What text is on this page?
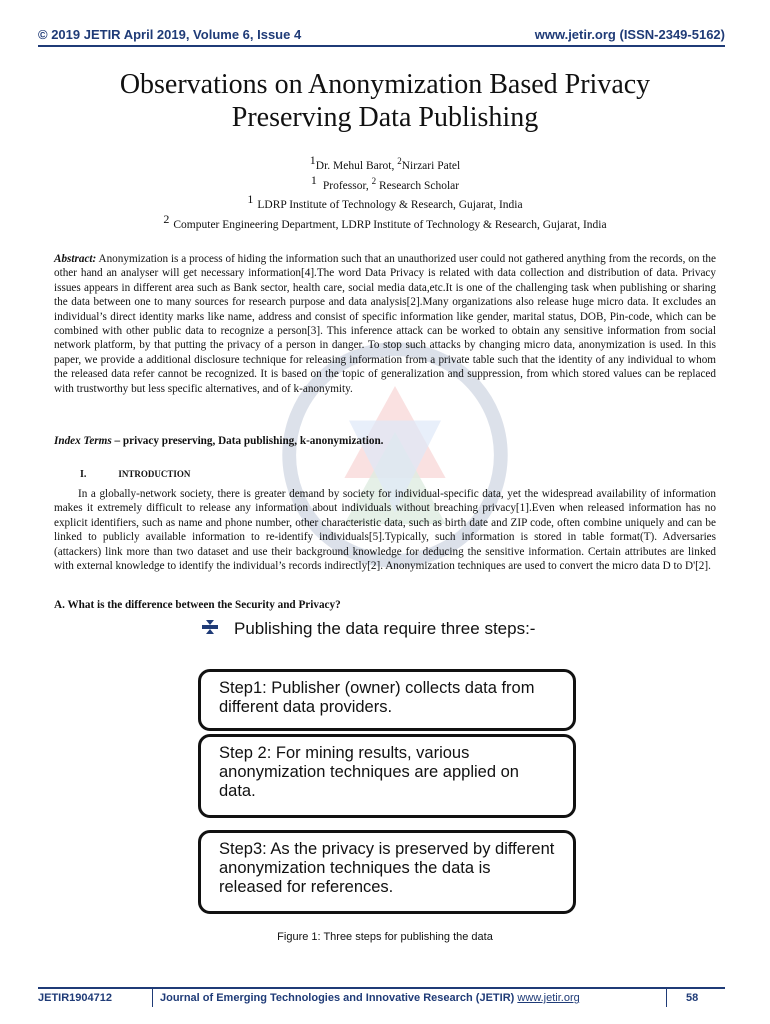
© 2019 JETIR April 2019, Volume 6, Issue 4	www.jetir.org (ISSN-2349-5162)
Observations on Anonymization Based Privacy
Preserving Data Publishing
$^1$Dr. Mehul Barot, $^2$Nirzari Patel
$^1$ Professor, $^2$ Research Scholar
$^1$ LDRP Institute of Technology & Research, Gujarat, India
$^2$ Computer Engineering Department, LDRP Institute of Technology & Research, Gujarat, India

Abstract: Anonymization is a process of hiding the information such that an unauthorized user could not gathered anything from the records, on the other hand an analyser will get necessary information[4].The word Data Privacy is related with data collection and distribution of data. Privacy issues appears in different area such as Bank sector, health care, social media data,etc.It is one of the challenging task when publishing or sharing the data between one to many sources for research purpose and data analysis[2].Many organizations also release huge micro data. It excludes an individual’s direct identity marks like name, address and consist of specific information like gender, marital status, DOB, Pin-code, which can be combined with other public data to recognize a person[3]. This inference attack can be worked to obtain any sensitive information from social network platform, by that putting the privacy of a person in danger. To stop such attacks by changing micro data, anonymization is used. In this paper, we provide a additional disclosure technique for releasing information from a private table such that the identity of any individual to whom the released data refer cannot be recognized. It is based on the topic of generalization and suppression, from which stored values can be replaced with trustworthy but less specific alternatives, and of k-anonymity.

Index Terms – privacy preserving, Data publishing, k-anonymization.

I.	INTRODUCTION

In a globally-network society, there is greater demand by society for individual-specific data, yet the widespread availability of information makes it extremely difficult to release any information about individuals without breaching privacy[1].Even when released information has no explicit identifiers, such as name and phone number, other characteristic data, such as birth date and ZIP code, often combine uniquely and can be linked to publicly available information to re-identify individuals[5].Typically, such information is stored in table format(T). Adversaries (attackers) link more than two dataset and use their background knowledge for deducing the sensitive information. Certain attributes are linked with external knowledge to identify the individual’s records indirectly[2]. Anonymization techniques are used to convert the micro data D to D'[2].

A. What is the difference between the Security and Privacy?

Publishing the data require three steps:-
Step1: Publisher (owner) collects data from different data providers.
Step 2: For mining results, various anonymization techniques are applied on data.
Step3: As the privacy is preserved by different anonymization techniques the data is released for references.
Figure 1: Three steps for publishing the data
JETIR1904712	Journal of Emerging Technologies and Innovative Research (JETIR) www.jetir.org	58
